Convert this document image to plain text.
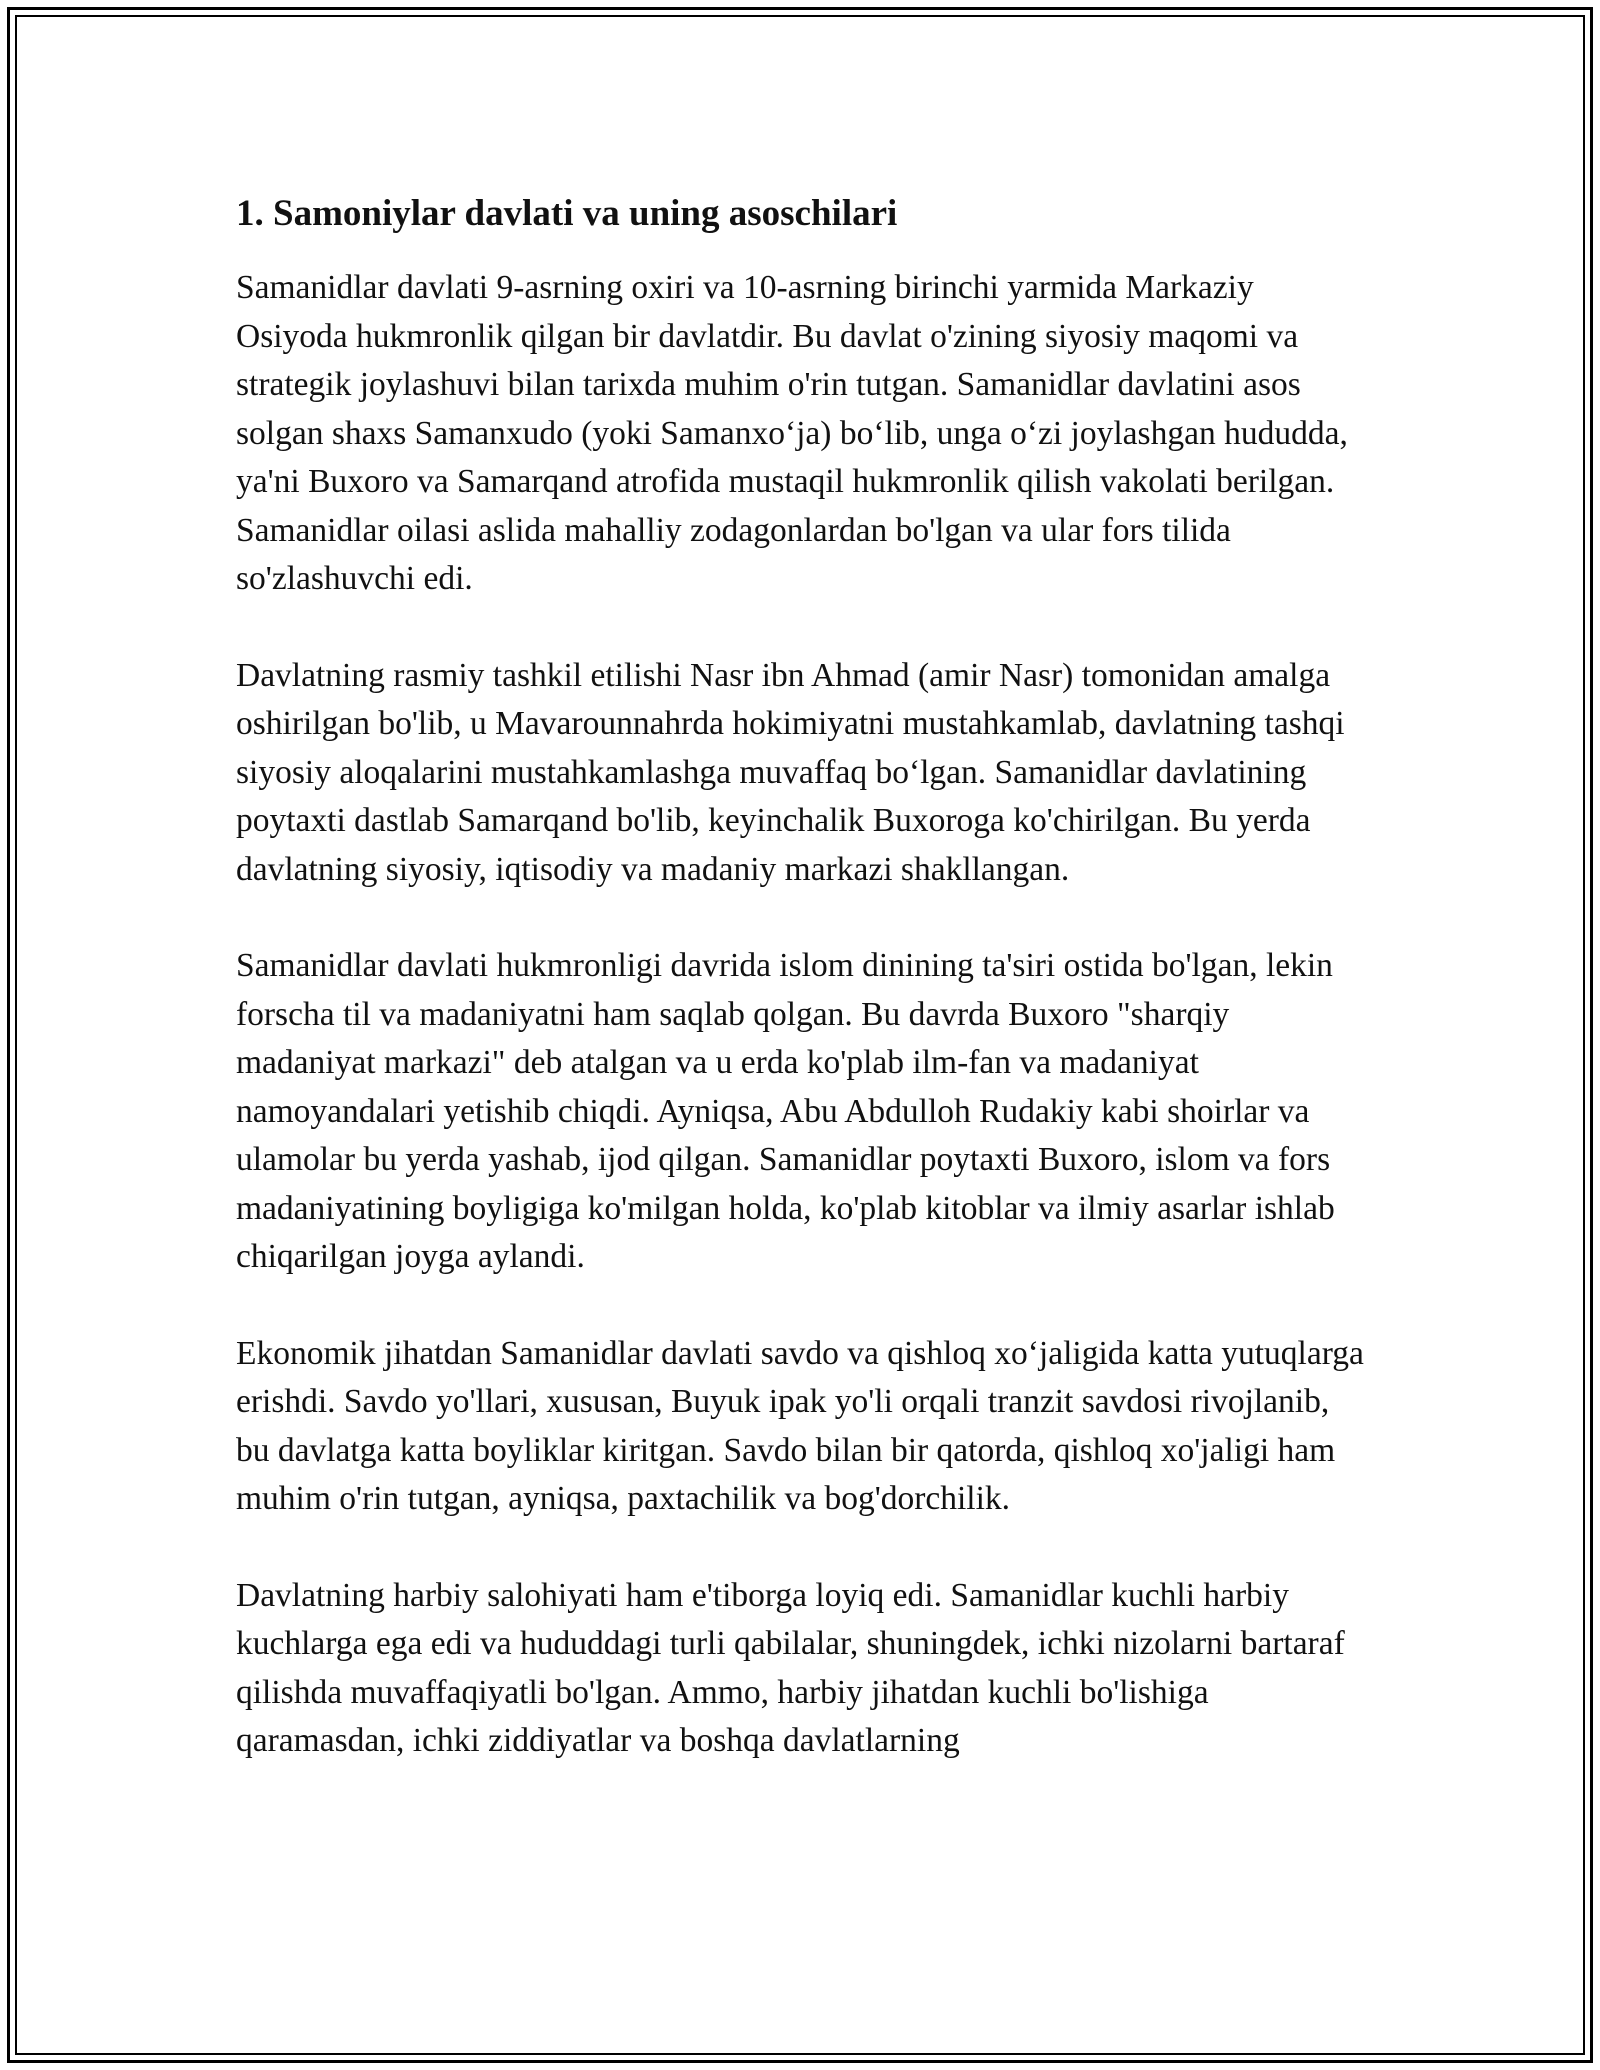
1. Samoniylar davlati va uning asoschilari

Samanidlar davlati 9-asrning oxiri va 10-asrning birinchi yarmida Markaziy Osiyoda hukmronlik qilgan bir davlatdir. Bu davlat o'zining siyosiy maqomi va strategik joylashuvi bilan tarixda muhim o'rin tutgan. Samanidlar davlatini asos solgan shaxs Samanxudo (yoki Samanxo‘ja) bo‘lib, unga o‘zi joylashgan hududda, ya'ni Buxoro va Samarqand atrofida mustaqil hukmronlik qilish vakolati berilgan. Samanidlar oilasi aslida mahalliy zodagonlardan bo'lgan va ular fors tilida so'zlashuvchi edi.

Davlatning rasmiy tashkil etilishi Nasr ibn Ahmad (amir Nasr) tomonidan amalga oshirilgan bo'lib, u Mavarounnahrda hokimiyatni mustahkamlab, davlatning tashqi siyosiy aloqalarini mustahkamlashga muvaffaq bo‘lgan. Samanidlar davlatining poytaxti dastlab Samarqand bo'lib, keyinchalik Buxoroga ko'chirilgan. Bu yerda davlatning siyosiy, iqtisodiy va madaniy markazi shakllangan.

Samanidlar davlati hukmronligi davrida islom dinining ta'siri ostida bo'lgan, lekin forscha til va madaniyatni ham saqlab qolgan. Bu davrda Buxoro "sharqiy madaniyat markazi" deb atalgan va u erda ko'plab ilm-fan va madaniyat namoyandalari yetishib chiqdi. Ayniqsa, Abu Abdulloh Rudakiy kabi shoirlar va ulamolar bu yerda yashab, ijod qilgan. Samanidlar poytaxti Buxoro, islom va fors madaniyatining boyligiga ko'milgan holda, ko'plab kitoblar va ilmiy asarlar ishlab chiqarilgan joyga aylandi.

Ekonomik jihatdan Samanidlar davlati savdo va qishloq xo‘jaligida katta yutuqlarga erishdi. Savdo yo'llari, xususan, Buyuk ipak yo'li orqali tranzit savdosi rivojlanib, bu davlatga katta boyliklar kiritgan. Savdo bilan bir qatorda, qishloq xo'jaligi ham muhim o'rin tutgan, ayniqsa, paxtachilik va bog'dorchilik.

Davlatning harbiy salohiyati ham e'tiborga loyiq edi. Samanidlar kuchli harbiy kuchlarga ega edi va hududdagi turli qabilalar, shuningdek, ichki nizolarni bartaraf qilishda muvaffaqiyatli bo'lgan. Ammo, harbiy jihatdan kuchli bo'lishiga qaramasdan, ichki ziddiyatlar va boshqa davlatlarning
